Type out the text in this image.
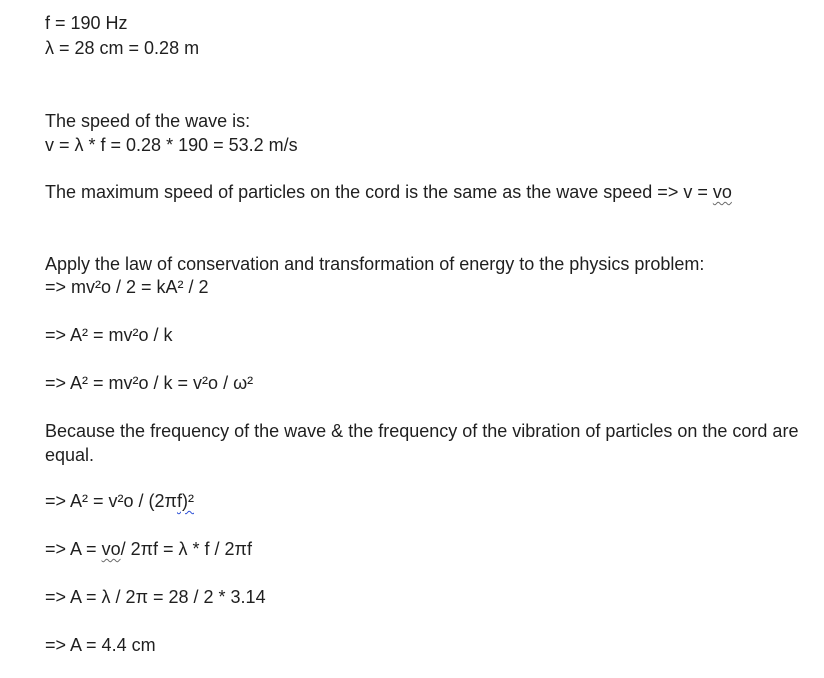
f = 190 Hz
λ = 28 cm = 0.28 m
The speed of the wave is:
v = λ * f = 0.28 * 190 = 53.2 m/s
The maximum speed of particles on the cord is the same as the wave speed => v = vo
Apply the law of conservation and transformation of energy to the physics problem:
=> mv²o / 2 = kA² / 2
=> A² = mv²o / k
=> A² = mv²o / k = v²o / ω²
Because the frequency of the wave & the frequency of the vibration of particles on the cord are equal.
=> A² = v²o / (2πf)²
=> A = vo/ 2πf = λ * f / 2πf
=> A = λ / 2π = 28 / 2 * 3.14
=> A = 4.4 cm
